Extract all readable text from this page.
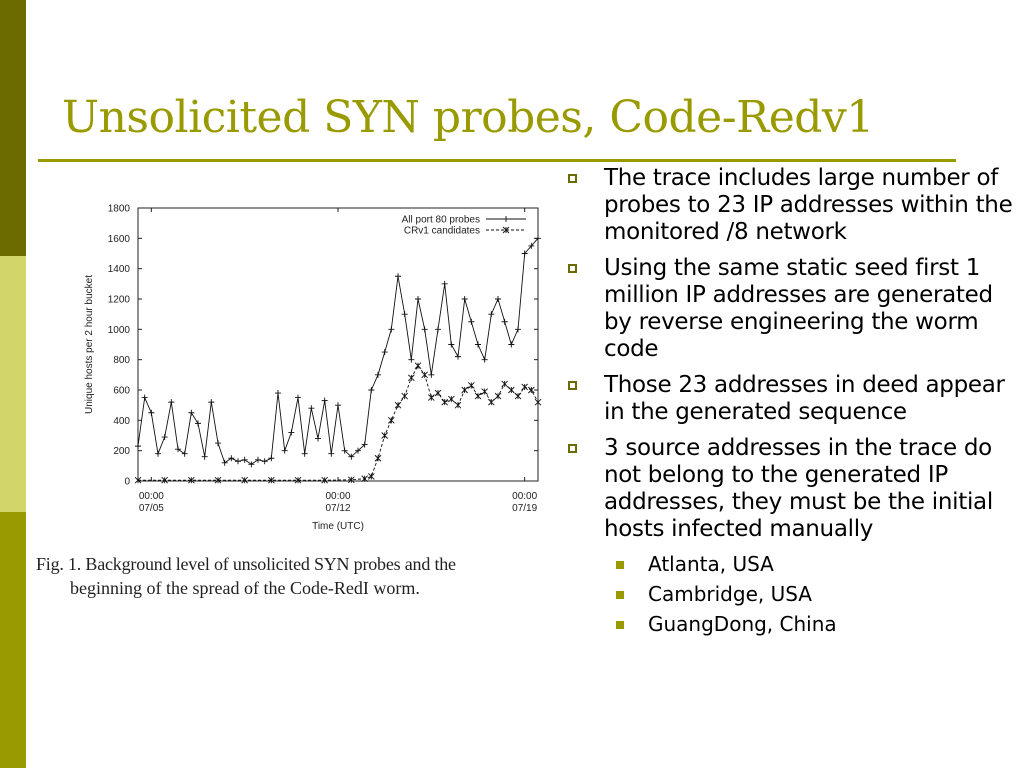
Unsolicited SYN probes, Code-Redv1
0
200
400
600
800
1000
1200
1400
1600
1800
00:00
07/05
00:00
07/12
00:00
07/19
Time (UTC)
Unique hosts per 2 hour bucket
All port 80 probes
CRv1 candidates
Fig. 1. Background level of unsolicited SYN probes and the
beginning of the spread of the Code-RedI worm.
The trace includes large number of probes to 23 IP addresses within the monitored /8 network
Using the same static seed first 1 million IP addresses are generated by reverse engineering the worm code
Those 23 addresses in deed appear in the generated sequence
3 source addresses in the trace do not belong to the generated IP addresses, they must be the initial hosts infected manually
Atlanta, USA
Cambridge, USA
GuangDong, China
